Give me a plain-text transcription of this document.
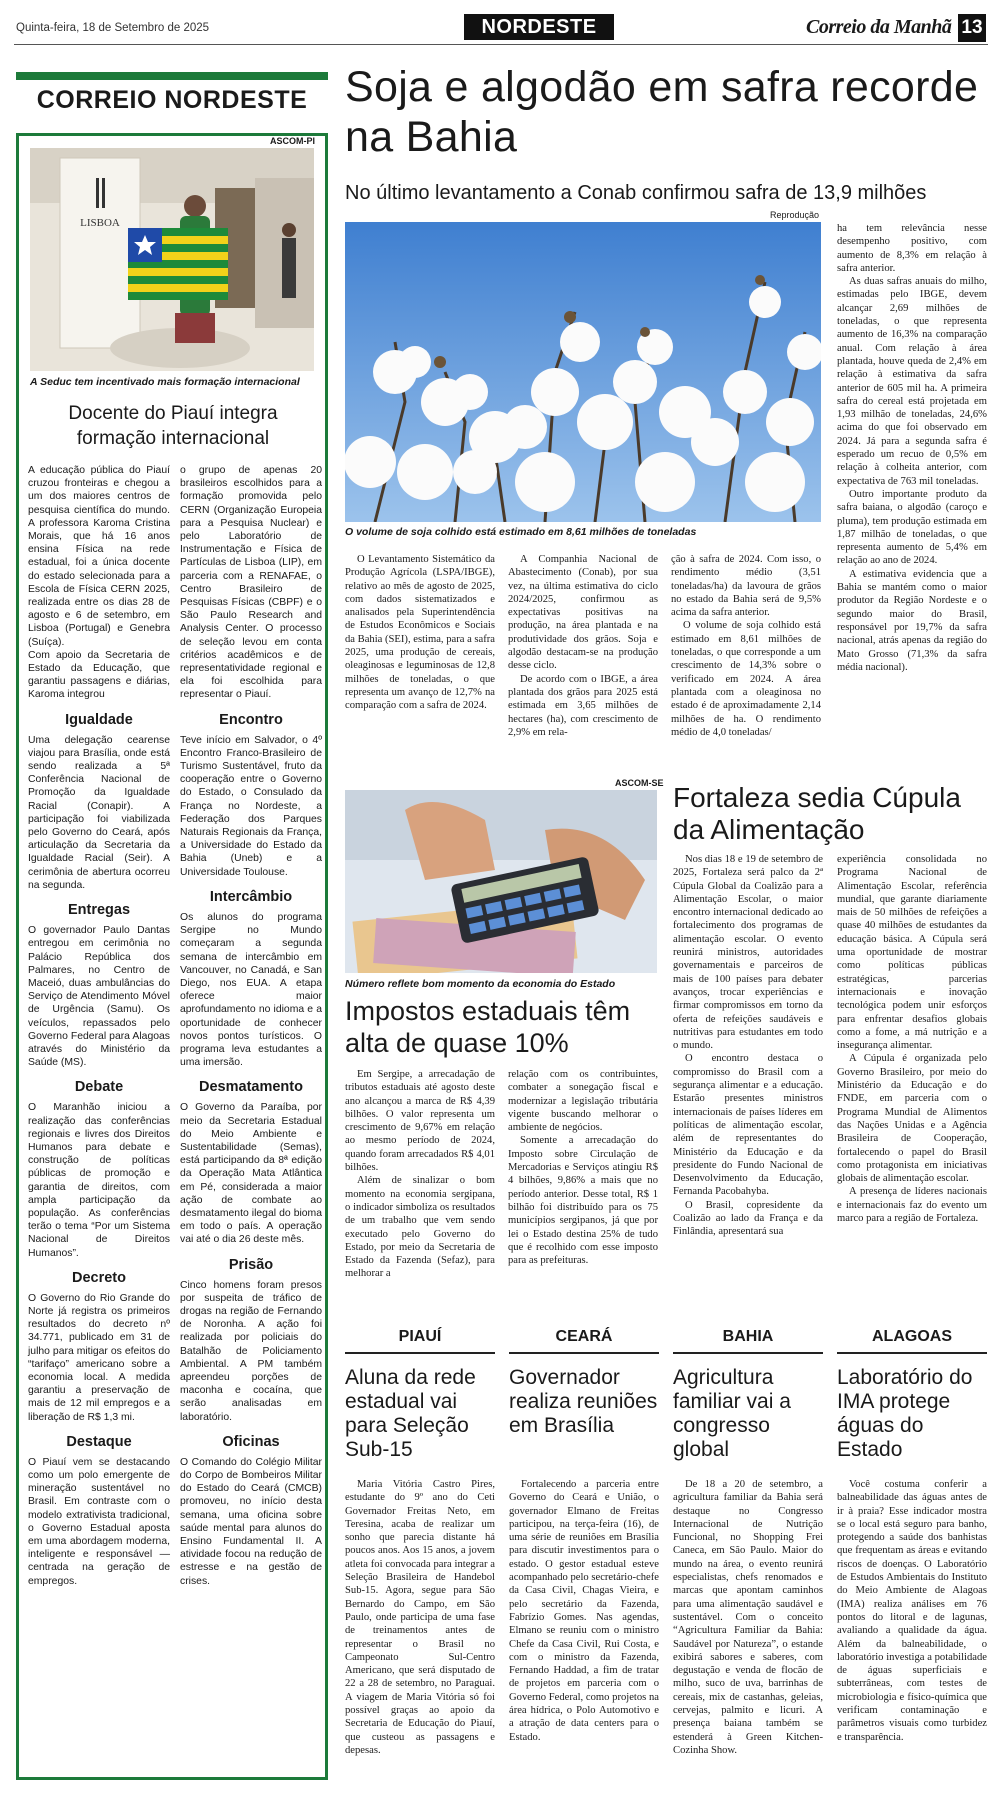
Quinta-feira, 18 de Setembro de 2025	NORDESTE	Correio da Manhã 13
CORREIO NORDESTE
ASCOM-PI
LISBOA
A Seduc tem incentivado mais formação internacional
Docente do Piauí integra formação internacional
A educação pública do Piauí cruzou fronteiras e chegou a um dos maiores centros de pesquisa científica do mundo. A professora Karoma Cristina Morais, que há 16 anos ensina Física na rede estadual, foi a única docente do estado selecionada para a Escola de Física CERN 2025, realizada entre os dias 28 de agosto e 6 de setembro, em Lisboa (Portugal) e Genebra (Suíça).
Com apoio da Secretaria de Estado da Educação, que garantiu passagens e diárias, Karoma integrou
Igualdade
Uma delegação cearense viajou para Brasília, onde está sendo realizada a 5ª Conferência Nacional de Promoção da Igualdade Racial (Conapir). A participação foi viabilizada pelo Governo do Ceará, após articulação da Secretaria da Igualdade Racial (Seir). A cerimônia de abertura ocorreu na segunda.
Entregas
O governador Paulo Dantas entregou em cerimônia no Palácio República dos Palmares, no Centro de Maceió, duas ambulâncias do Serviço de Atendimento Móvel de Urgência (Samu). Os veículos, repassados pelo Governo Federal para Alagoas através do Ministério da Saúde (MS).
Debate
O Maranhão iniciou a realização das conferências regionais e livres dos Direitos Humanos para debate e construção de políticas públicas de promoção e garantia de direitos, com ampla participação da população. As conferências terão o tema “Por um Sistema Nacional de Direitos Humanos”.
Decreto
O Governo do Rio Grande do Norte já registra os primeiros resultados do decreto nº 34.771, publicado em 31 de julho para mitigar os efeitos do “tarifaço” americano sobre a economia local. A medida garantiu a preservação de mais de 12 mil empregos e a liberação de R$ 1,3 mi.
Destaque
O Piauí vem se destacando como um polo emergente de mineração sustentável no Brasil. Em contraste com o modelo extrativista tradicional, o Governo Estadual aposta em uma abordagem moderna, inteligente e responsável — centrada na geração de empregos.
o grupo de apenas 20 brasileiros escolhidos para a formação promovida pelo CERN (Organização Europeia para a Pesquisa Nuclear) e pelo Laboratório de Instrumentação e Física de Partículas de Lisboa (LIP), em parceria com a RENAFAE, o Centro Brasileiro de Pesquisas Físicas (CBPF) e o São Paulo Research and Analysis Center. O processo de seleção levou em conta critérios acadêmicos e de representatividade regional e ela foi escolhida para representar o Piauí.
Encontro
Teve início em Salvador, o 4º Encontro Franco-Brasileiro de Turismo Sustentável, fruto da cooperação entre o Governo do Estado, o Consulado da França no Nordeste, a Federação dos Parques Naturais Regionais da França, a Universidade do Estado da Bahia (Uneb) e a Universidade Toulouse.
Intercâmbio
Os alunos do programa Sergipe no Mundo começaram a segunda semana de intercâmbio em Vancouver, no Canadá, e San Diego, nos EUA. A etapa oferece maior aprofundamento no idioma e a oportunidade de conhecer novos pontos turísticos. O programa leva estudantes a uma imersão.
Desmatamento
O Governo da Paraíba, por meio da Secretaria Estadual do Meio Ambiente e Sustentabilidade (Semas), está participando da 8ª edição da Operação Mata Atlântica em Pé, considerada a maior ação de combate ao desmatamento ilegal do bioma em todo o país. A operação vai até o dia 26 deste mês.
Prisão
Cinco homens foram presos por suspeita de tráfico de drogas na região de Fernando de Noronha. A ação foi realizada por policiais do Batalhão de Policiamento Ambiental. A PM também apreendeu porções de maconha e cocaína, que serão analisadas em laboratório.
Oficinas
O Comando do Colégio Militar do Corpo de Bombeiros Militar do Estado do Ceará (CMCB) promoveu, no início desta semana, uma oficina sobre saúde mental para alunos do Ensino Fundamental II. A atividade focou na redução de estresse e na gestão de crises.
Soja e algodão em safra recorde na Bahia
No último levantamento a Conab confirmou safra de 13,9 milhões
Reprodução
O volume de soja colhido está estimado em 8,61 milhões de toneladas

O Levantamento Sistemático da Produção Agrícola (LSPA/IBGE), relativo ao mês de agosto de 2025, com dados sistematizados e analisados pela Superintendência de Estudos Econômicos e Sociais da Bahia (SEI), estima, para a safra 2025, uma produção de cereais, oleaginosas e leguminosas de 12,8 milhões de toneladas, o que representa um avanço de 12,7% na comparação com a safra de 2024.

A Companhia Nacional de Abastecimento (Conab), por sua vez, na última estimativa do ciclo 2024/2025, confirmou as expectativas positivas na produção, na área plantada e na produtividade dos grãos. Soja e algodão destacam-se na produção desse ciclo.

De acordo com o IBGE, a área plantada dos grãos para 2025 está estimada em 3,65 milhões de hectares (ha), com crescimento de 2,9% em rela-

ção à safra de 2024. Com isso, o rendimento médio (3,51 toneladas/ha) da lavoura de grãos no estado da Bahia será de 9,5% acima da safra anterior.

O volume de soja colhido está estimado em 8,61 milhões de toneladas, o que corresponde a um crescimento de 14,3% sobre o verificado em 2024. A área plantada com a oleaginosa no estado é de aproximadamente 2,14 milhões de ha. O rendimento médio de 4,0 toneladas/

ha tem relevância nesse desempenho positivo, com aumento de 8,3% em relação à safra anterior.

As duas safras anuais do milho, estimadas pelo IBGE, devem alcançar 2,69 milhões de toneladas, o que representa aumento de 16,3% na comparação anual. Com relação à área plantada, houve queda de 2,4% em relação à estimativa da safra anterior de 605 mil ha. A primeira safra do cereal está projetada em 1,93 milhão de toneladas, 24,6% acima do que foi observado em 2024. Já para a segunda safra é esperado um recuo de 0,5% em relação à colheita anterior, com expectativa de 763 mil toneladas.

Outro importante produto da safra baiana, o algodão (caroço e pluma), tem produção estimada em 1,87 milhão de toneladas, o que representa aumento de 5,4% em relação ao ano de 2024.

A estimativa evidencia que a Bahia se mantém como o maior produtor da Região Nordeste e o segundo maior do Brasil, responsável por 19,7% da safra nacional, atrás apenas da região do Mato Grosso (71,3% da safra média nacional).

ASCOM-SE
Número reflete bom momento da economia do Estado
Impostos estaduais têm alta de quase 10%

Em Sergipe, a arrecadação de tributos estaduais até agosto deste ano alcançou a marca de R$ 4,39 bilhões. O valor representa um crescimento de 9,67% em relação ao mesmo período de 2024, quando foram arrecadados R$ 4,01 bilhões.

Além de sinalizar o bom momento na economia sergipana, o indicador simboliza os resultados de um trabalho que vem sendo executado pelo Governo do Estado, por meio da Secretaria de Estado da Fazenda (Sefaz), para melhorar a

relação com os contribuintes, combater a sonegação fiscal e modernizar a legislação tributária vigente buscando melhorar o ambiente de negócios.

Somente a arrecadação do Imposto sobre Circulação de Mercadorias e Serviços atingiu R$ 4 bilhões, 9,86% a mais que no período anterior. Desse total, R$ 1 bilhão foi distribuído para os 75 municípios sergipanos, já que por lei o Estado destina 25% de tudo que é recolhido com esse imposto para as prefeituras.

Fortaleza sedia Cúpula da Alimentação

Nos dias 18 e 19 de setembro de 2025, Fortaleza será palco da 2ª Cúpula Global da Coalizão para a Alimentação Escolar, o maior encontro internacional dedicado ao fortalecimento dos programas de alimentação escolar. O evento reunirá ministros, autoridades governamentais e parceiros de mais de 100 países para debater avanços, trocar experiências e firmar compromissos em torno da oferta de refeições saudáveis e nutritivas para estudantes em todo o mundo.

O encontro destaca o compromisso do Brasil com a segurança alimentar e a educação. Estarão presentes ministros internacionais de países líderes em políticas de alimentação escolar, além de representantes do Ministério da Educação e da presidente do Fundo Nacional de Desenvolvimento da Educação, Fernanda Pacobahyba.

O Brasil, copresidente da Coalizão ao lado da França e da Finlândia, apresentará sua

experiência consolidada no Programa Nacional de Alimentação Escolar, referência mundial, que garante diariamente mais de 50 milhões de refeições a quase 40 milhões de estudantes da educação básica. A Cúpula será uma oportunidade de mostrar como políticas públicas estratégicas, parcerias internacionais e inovação tecnológica podem unir esforços para enfrentar desafios globais como a fome, a má nutrição e a insegurança alimentar.

A Cúpula é organizada pelo Governo Brasileiro, por meio do Ministério da Educação e do FNDE, em parceria com o Programa Mundial de Alimentos das Nações Unidas e a Agência Brasileira de Cooperação, fortalecendo o papel do Brasil como protagonista em iniciativas globais de alimentação escolar.

A presença de líderes nacionais e internacionais faz do evento um marco para a região de Fortaleza.

PIAUÍ
Aluna da rede estadual vai para Seleção Sub-15
Maria Vitória Castro Pires, estudante do 9º ano do Ceti Governador Freitas Neto, em Teresina, acaba de realizar um sonho que parecia distante há poucos anos. Aos 15 anos, a jovem atleta foi convocada para integrar a Seleção Brasileira de Handebol Sub-15. Agora, segue para São Bernardo do Campo, em São Paulo, onde participa de uma fase de treinamentos antes de representar o Brasil no Campeonato Sul-Centro Americano, que será disputado de 22 a 28 de setembro, no Paraguai. A viagem de Maria Vitória só foi possível graças ao apoio da Secretaria de Educação do Piauí, que custeou as passagens e depesas.
CEARÁ
Governador realiza reuniões em Brasília
Fortalecendo a parceria entre Governo do Ceará e União, o governador Elmano de Freitas participou, na terça-feira (16), de uma série de reuniões em Brasília para discutir investimentos para o estado. O gestor estadual esteve acompanhado pelo secretário-chefe da Casa Civil, Chagas Vieira, e pelo secretário da Fazenda, Fabrízio Gomes. Nas agendas, Elmano se reuniu com o ministro Chefe da Casa Civil, Rui Costa, e com o ministro da Fazenda, Fernando Haddad, a fim de tratar de projetos em parceria com o Governo Federal, como projetos na área hídrica, o Polo Automotivo e a atração de data centers para o Estado.
BAHIA
Agricultura familiar vai a congresso global
De 18 a 20 de setembro, a agricultura familiar da Bahia será destaque no Congresso Internacional de Nutrição Funcional, no Shopping Frei Caneca, em São Paulo. Maior do mundo na área, o evento reunirá especialistas, chefs renomados e marcas que apontam caminhos para uma alimentação saudável e sustentável. Com o conceito “Agricultura Familiar da Bahia: Saudável por Natureza”, o estande exibirá sabores e saberes, com degustação e venda de flocão de milho, suco de uva, barrinhas de cereais, mix de castanhas, geleias, cervejas, palmito e licuri. A presença baiana também se estenderá à Green Kitchen-Cozinha Show.
ALAGOAS
Laboratório do IMA protege águas do Estado
Você costuma conferir a balneabilidade das águas antes de ir à praia? Esse indicador mostra se o local está seguro para banho, protegendo a saúde dos banhistas que frequentam as áreas e evitando riscos de doenças. O Laboratório de Estudos Ambientais do Instituto do Meio Ambiente de Alagoas (IMA) realiza análises em 76 pontos do litoral e de lagunas, avaliando a qualidade da água. Além da balneabilidade, o laboratório investiga a potabilidade de águas superficiais e subterrâneas, com testes de microbiologia e físico-química que verificam contaminação e parâmetros visuais como turbidez e transparência.
